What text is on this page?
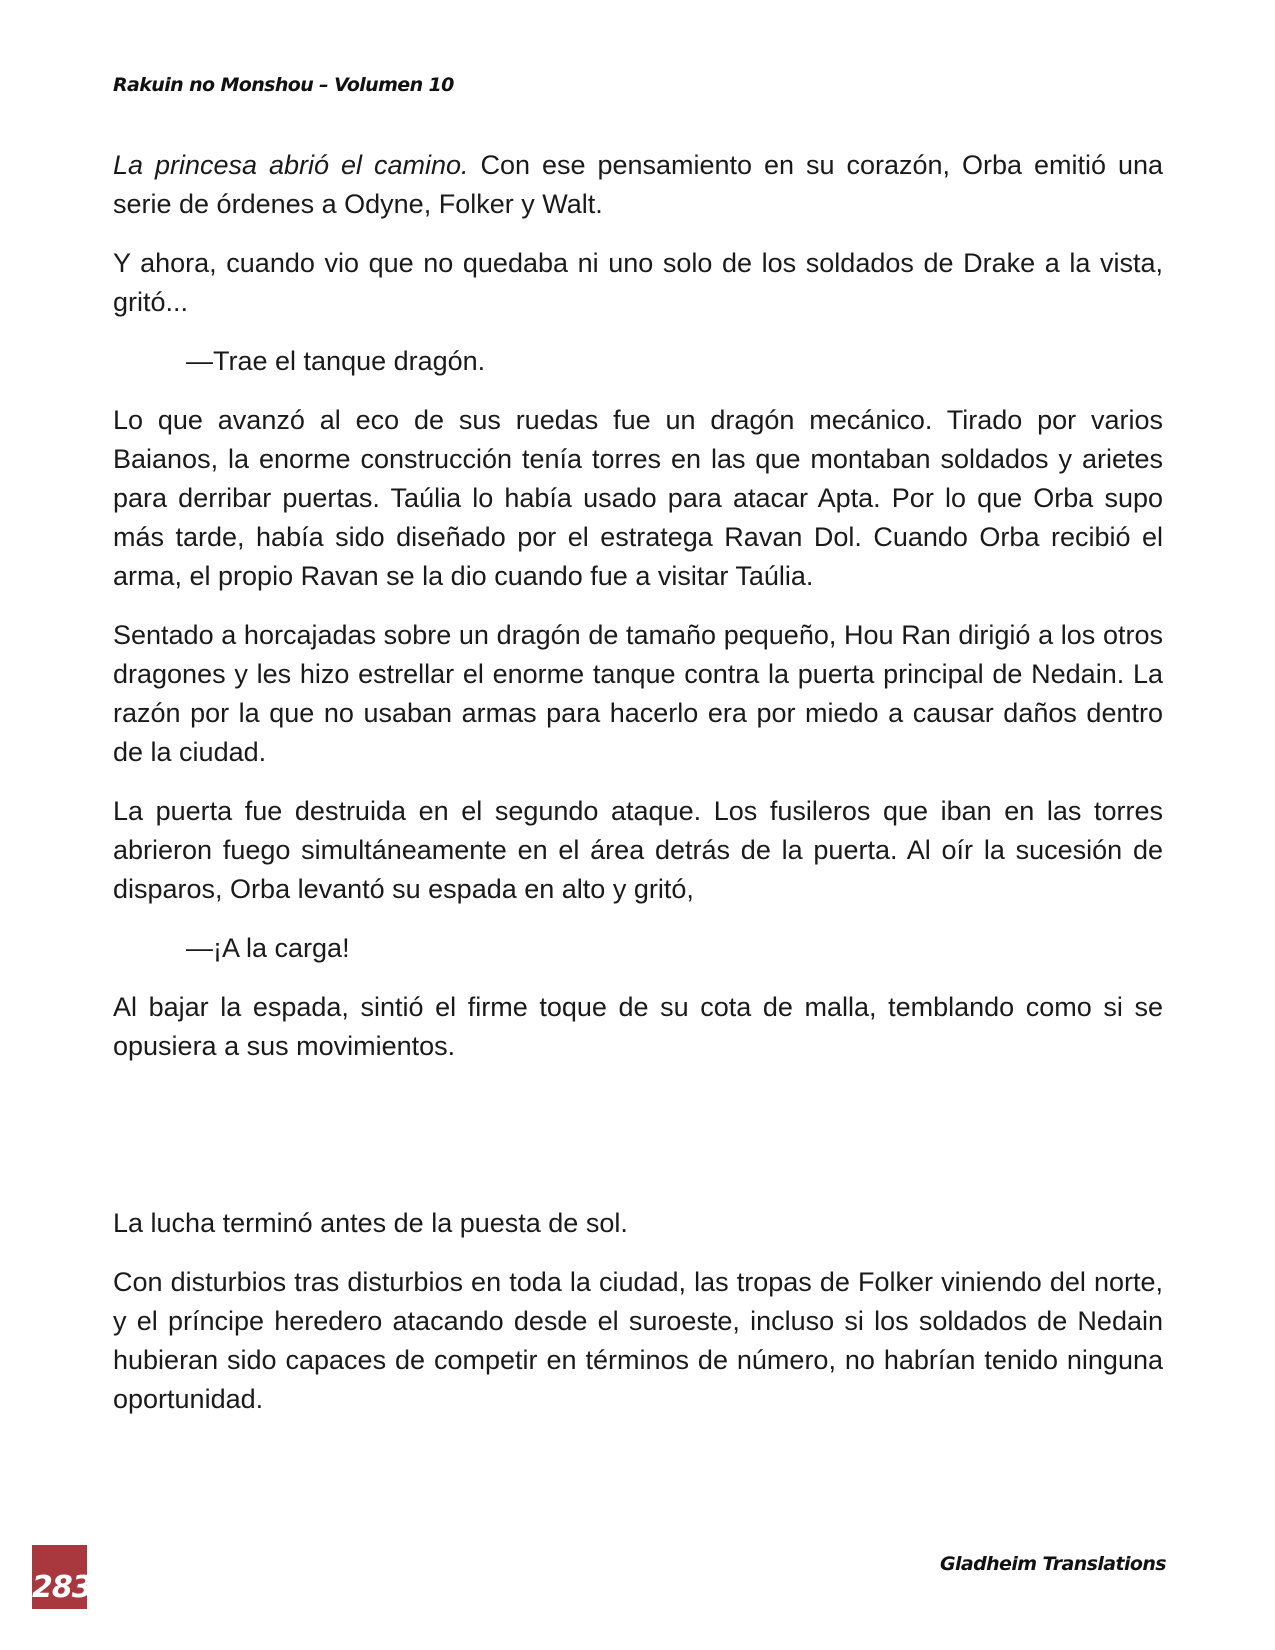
Rakuin no Monshou – Volumen 10

La princesa abrió el camino. Con ese pensamiento en su corazón, Orba emitió una serie de órdenes a Odyne, Folker y Walt.

Y ahora, cuando vio que no quedaba ni uno solo de los soldados de Drake a la vista, gritó...

—Trae el tanque dragón.

Lo que avanzó al eco de sus ruedas fue un dragón mecánico. Tirado por varios Baianos, la enorme construcción tenía torres en las que montaban soldados y arietes para derribar puertas. Taúlia lo había usado para atacar Apta. Por lo que Orba supo más tarde, había sido diseñado por el estratega Ravan Dol. Cuando Orba recibió el arma, el propio Ravan se la dio cuando fue a visitar Taúlia.

Sentado a horcajadas sobre un dragón de tamaño pequeño, Hou Ran dirigió a los otros dragones y les hizo estrellar el enorme tanque contra la puerta principal de Nedain. La razón por la que no usaban armas para hacerlo era por miedo a causar daños dentro de la ciudad.

La puerta fue destruida en el segundo ataque. Los fusileros que iban en las torres abrieron fuego simultáneamente en el área detrás de la puerta. Al oír la sucesión de disparos, Orba levantó su espada en alto y gritó,

—¡A la carga!

Al bajar la espada, sintió el firme toque de su cota de malla, temblando como si se opusiera a sus movimientos.

La lucha terminó antes de la puesta de sol.

Con disturbios tras disturbios en toda la ciudad, las tropas de Folker viniendo del norte, y el príncipe heredero atacando desde el suroeste, incluso si los soldados de Nedain hubieran sido capaces de competir en términos de número, no habrían tenido ninguna oportunidad.

283
Gladheim Translations
